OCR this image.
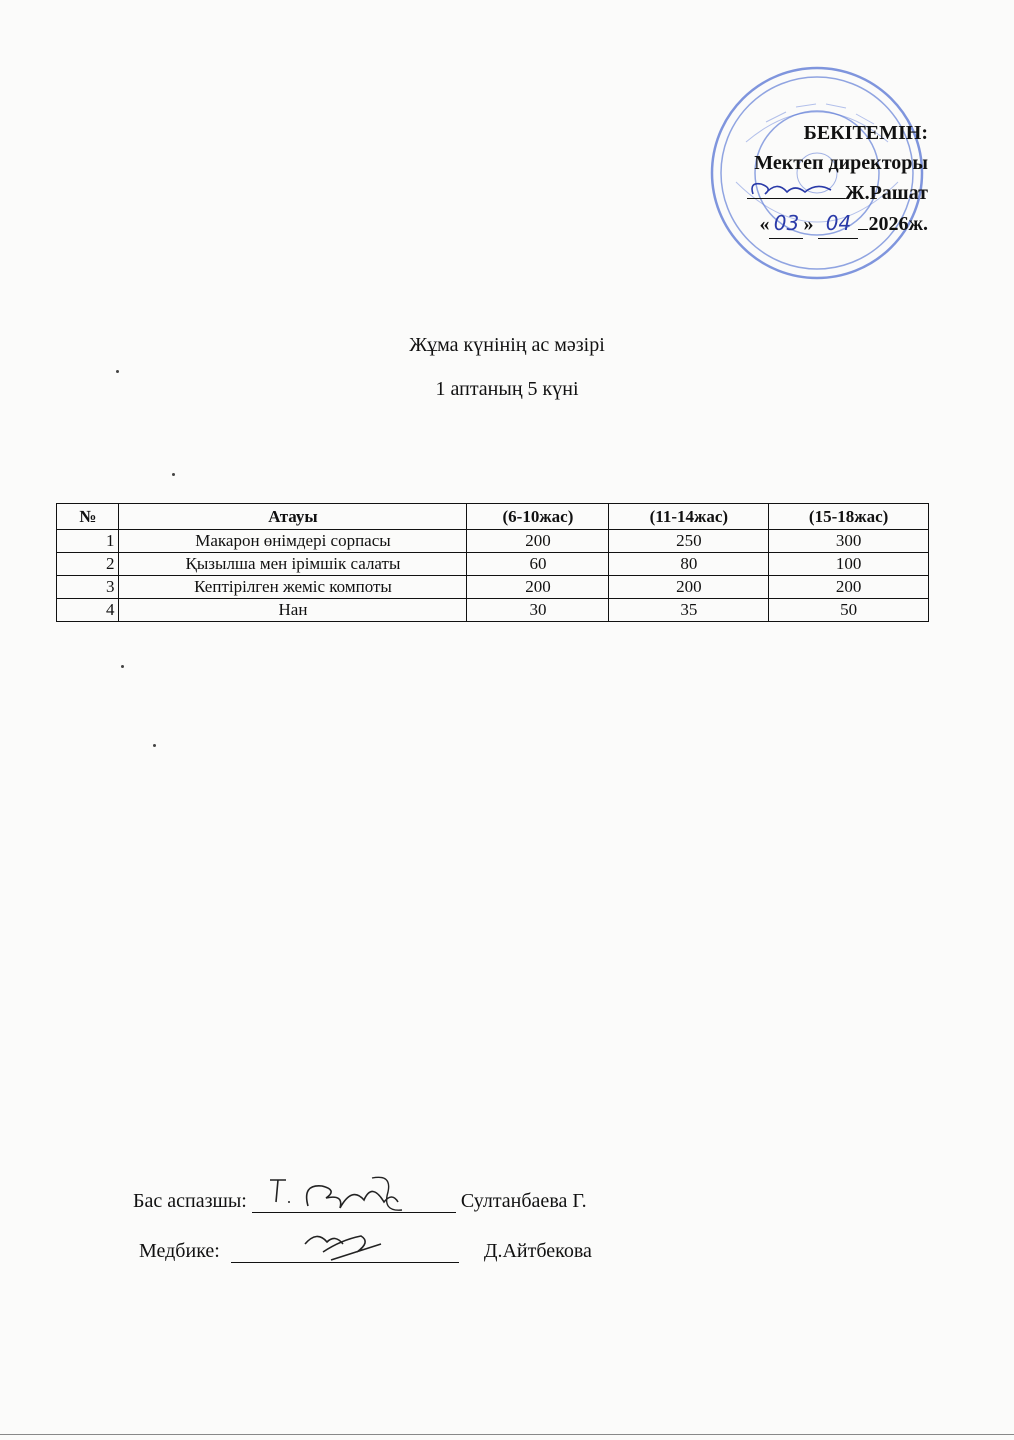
БЕКІТЕМІН:
Мектеп директоры
Ж.Рашат
« 03 » 04 2026ж.
Жұма күнінің ас мәзірі
1 аптаның 5 күні
№	Атауы	(6-10жас)	(11-14жас)	(15-18жас)
1	Макарон өнімдері сорпасы	200	250	300
2	Қызылша мен ірімшік салаты	60	80	100
3	Кептірілген жеміс компоты	200	200	200
4	Нан	30	35	50
Бас аспазшы:	Султанбаева Г.
Медбике:	Д.Айтбекова
